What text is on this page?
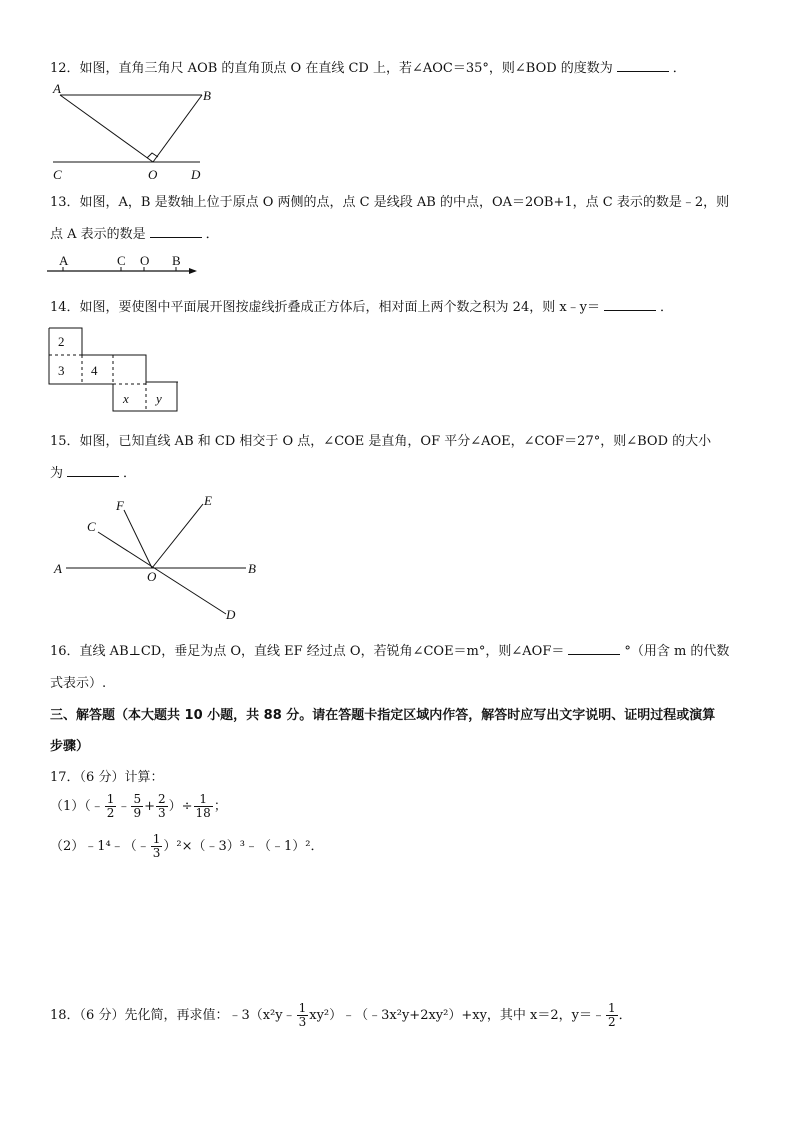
12．如图，直角三角尺 AOB 的直角顶点 O 在直线 CD 上，若∠AOC＝35°，则∠BOD 的度数为	．
A	B
C	O	D
13．如图，A，B 是数轴上位于原点 O 两侧的点，点 C 是线段 AB 的中点，OA＝2OB+1，点 C 表示的数是﹣2，则
点 A 表示的数是	．
A	C O B
14．如图，要使图中平面展开图按虚线折叠成正方体后，相对面上两个数之积为 24，则 x﹣y＝	．
2
3 4
x y
15．如图，已知直线 AB 和 CD 相交于 O 点，∠COE 是直角，OF 平分∠AOE，∠COF＝27°，则∠BOD 的大小
为	．
A	B
C
D
E
F
O
16．直线 AB⊥CD，垂足为点 O，直线 EF 经过点 O，若锐角∠COE＝m°，则∠AOF＝	°（用含 m 的代数
式表示）.
三、解答题（本大题共 10 小题，共 88 分。请在答题卡指定区域内作答，解答时应写出文字说明、证明过程或演算
步骤）
17．（6 分）计算：
（1）（﹣ $\frac{1}{2}$ ﹣ $\frac{5}{9} + \frac{2}{3}$ ）÷ $\frac{1}{18}$ ；
（2）﹣1⁴﹣（﹣ $\frac{1}{3}$ ）²×（﹣3）³﹣（﹣1）²．
18．（6 分）先化简，再求值：﹣3（x²y﹣ $\frac{1}{3}$ xy²）﹣（﹣3x²y+2xy²）+xy，其中 x＝2，y＝﹣ $\frac{1}{2}$ ．
